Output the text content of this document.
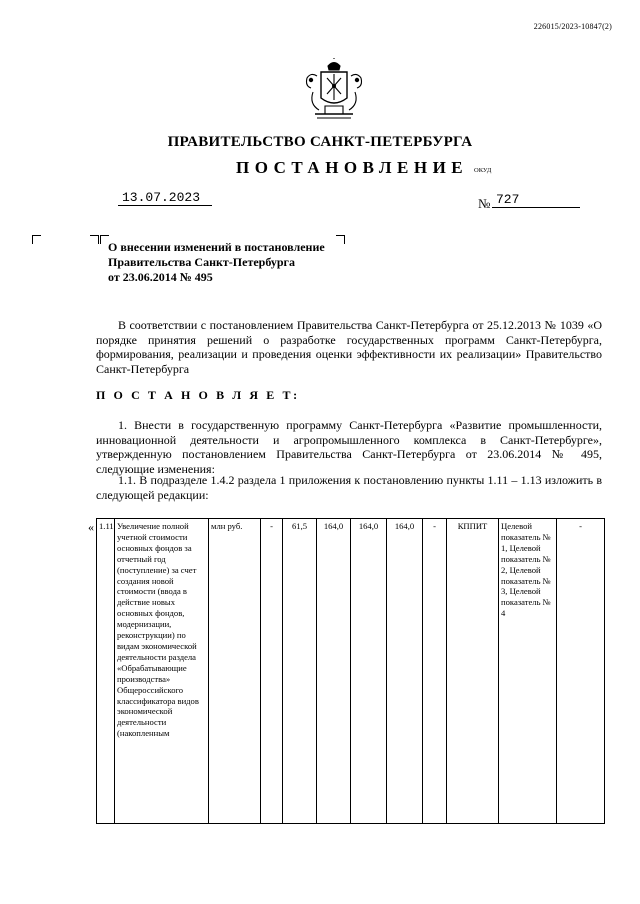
226015/2023-10847(2)
ПРАВИТЕЛЬСТВО САНКТ-ПЕТЕРБУРГА
ПОСТАНОВЛЕНИЕ ОКУД
13.07.2023	№ 727
О внесении изменений в постановление
Правительства Санкт-Петербурга
от 23.06.2014 № 495
В соответствии с постановлением Правительства Санкт-Петербурга от 25.12.2013 № 1039 «О порядке принятия решений о разработке государственных программ Санкт-Петербурга, формирования, реализации и проведения оценки эффективности их реализации» Правительство Санкт-Петербурга
П О С Т А Н О В Л Я Е Т:
1. Внести в государственную программу Санкт-Петербурга «Развитие промышленности, инновационной деятельности и агропромышленного комплекса в Санкт-Петербурге», утвержденную постановлением Правительства Санкт-Петербурга от 23.06.2014 № 495, следующие изменения:
1.1. В подразделе 1.4.2 раздела 1 приложения к постановлению пункты 1.11 – 1.13 изложить в следующей редакции:
« 1.11	Увеличение полной учетной стоимости основных фондов за отчетный год (поступление) за счет создания новой стоимости (ввода в действие новых основных фондов, модернизации, реконструкции) по видам экономической деятельности раздела «Обрабатывающие производства» Общероссийского классификатора видов экономической деятельности (накопленным	млн руб.	-	61,5	164,0	164,0	164,0	-	КППИТ	Целевой показатель № 1, Целевой показатель № 2, Целевой показатель № 3, Целевой показатель № 4	-
